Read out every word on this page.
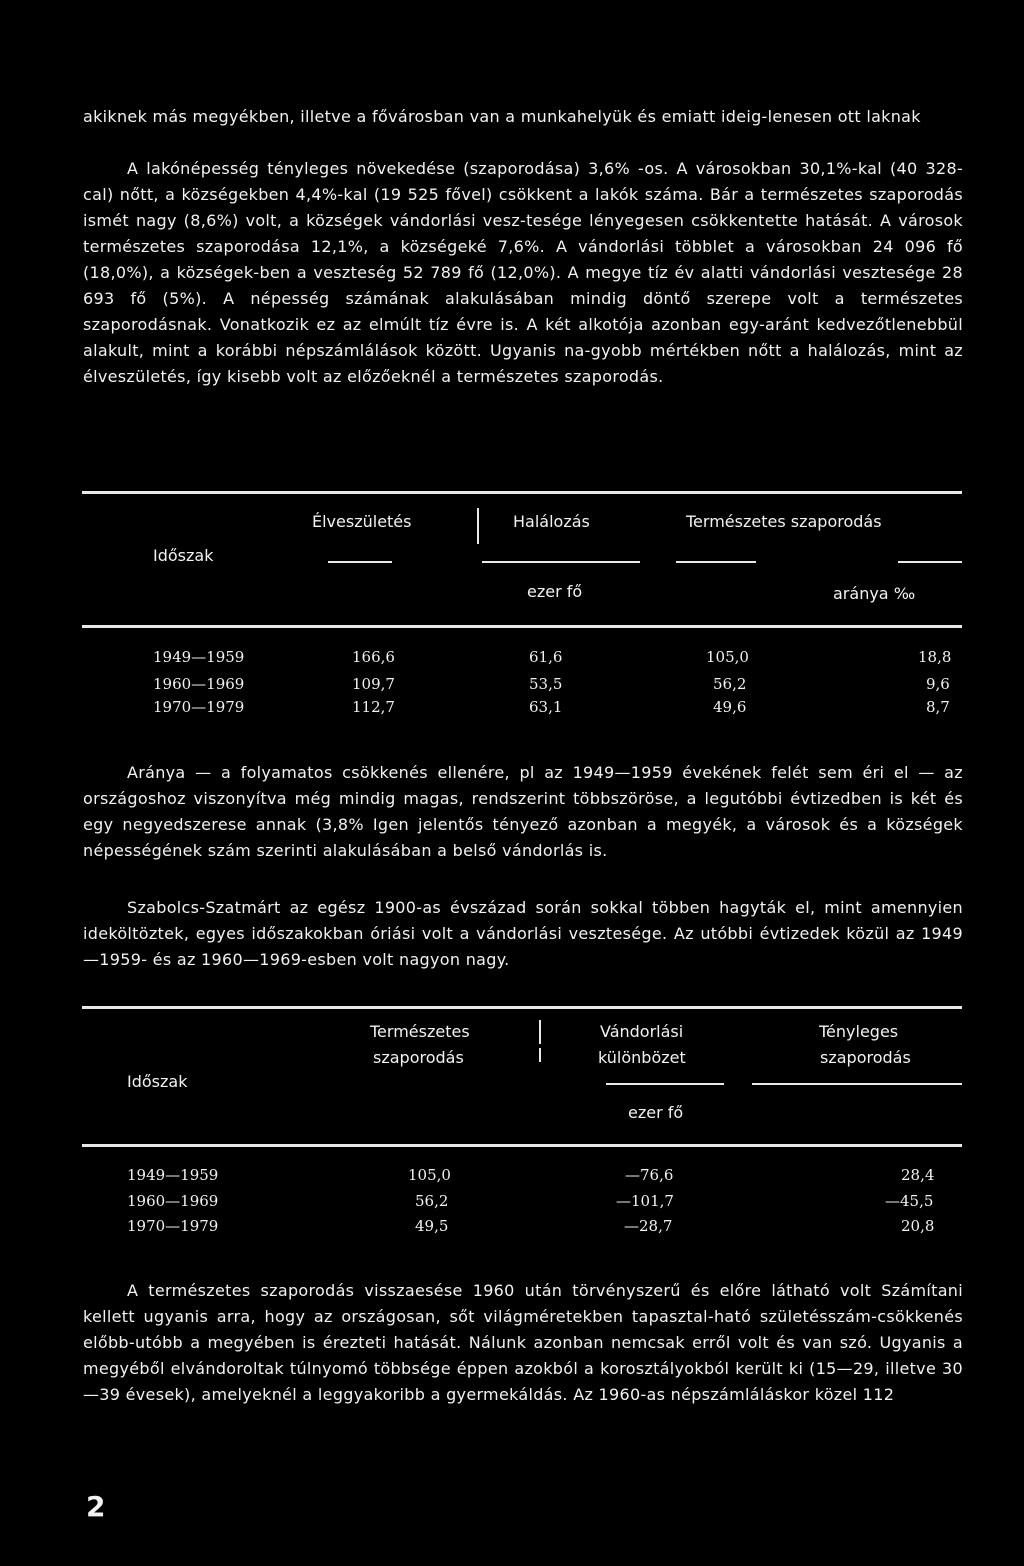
akiknek más megyékben, illetve a fővárosban van a munkahelyük és emiatt ideig-lenesen ott laknak

A lakónépesség tényleges növekedése (szaporodása) 3,6% -os. A városokban 30,1%-kal (40 328-cal) nőtt, a községekben 4,4%-kal (19 525 fővel) csökkent a lakók száma. Bár a természetes szaporodás ismét nagy (8,6%) volt, a községek vándorlási vesz-tesége lényegesen csökkentette hatását. A városok természetes szaporodása 12,1%, a községeké 7,6%. A vándorlási többlet a városokban 24 096 fő (18,0%), a községek-ben a veszteség 52 789 fő (12,0%). A megye tíz év alatti vándorlási vesztesége 28 693 fő (5%). A népesség számának alakulásában mindig döntő szerepe volt a természetes szaporodásnak. Vonatkozik ez az elmúlt tíz évre is. A két alkotója azonban egy-aránt kedvezőtlenebbül alakult, mint a korábbi népszámlálások között. Ugyanis na-gyobb mértékben nőtt a halálozás, mint az élveszületés, így kisebb volt az előzőeknél a természetes szaporodás.

Élveszületés	Halálozás	Természetes szaporodás
Időszak
ezer fő	aránya ‰
1949—1959	166,6	61,6	105,0	18,8
1960—1969	109,7	53,5	56,2	9,6
1970—1979	112,7	63,1	49,6	8,7

Aránya — a folyamatos csökkenés ellenére, pl az 1949—1959 évekének felét sem éri el — az országoshoz viszonyítva még mindig magas, rendszerint többszöröse, a legutóbbi évtizedben is két és egy negyedszerese annak (3,8% Igen jelentős tényező azonban a megyék, a városok és a községek népességének szám szerinti alakulásában a belső vándorlás is.

Szabolcs-Szatmárt az egész 1900-as évszázad során sokkal többen hagyták el, mint amennyien ideköltöztek, egyes időszakokban óriási volt a vándorlási vesztesége. Az utóbbi évtizedek közül az 1949—1959- és az 1960—1969-esben volt nagyon nagy.

Természetes
szaporodás
Vándorlási
különbözet
Tényleges
szaporodás
Időszak
ezer fő
1949—1959	105,0	—76,6	28,4
1960—1969	56,2	—101,7	—45,5
1970—1979	49,5	—28,7	20,8

A természetes szaporodás visszaesése 1960 után törvényszerű és előre látható volt Számítani kellett ugyanis arra, hogy az országosan, sőt világméretekben tapasztal-ható születésszám-csökkenés előbb-utóbb a megyében is érezteti hatását. Nálunk azonban nemcsak erről volt és van szó. Ugyanis a megyéből elvándoroltak túlnyomó többsége éppen azokból a korosztályokból került ki (15—29, illetve 30—39 évesek), amelyeknél a leggyakoribb a gyermekáldás. Az 1960-as népszámláláskor közel 112

2
